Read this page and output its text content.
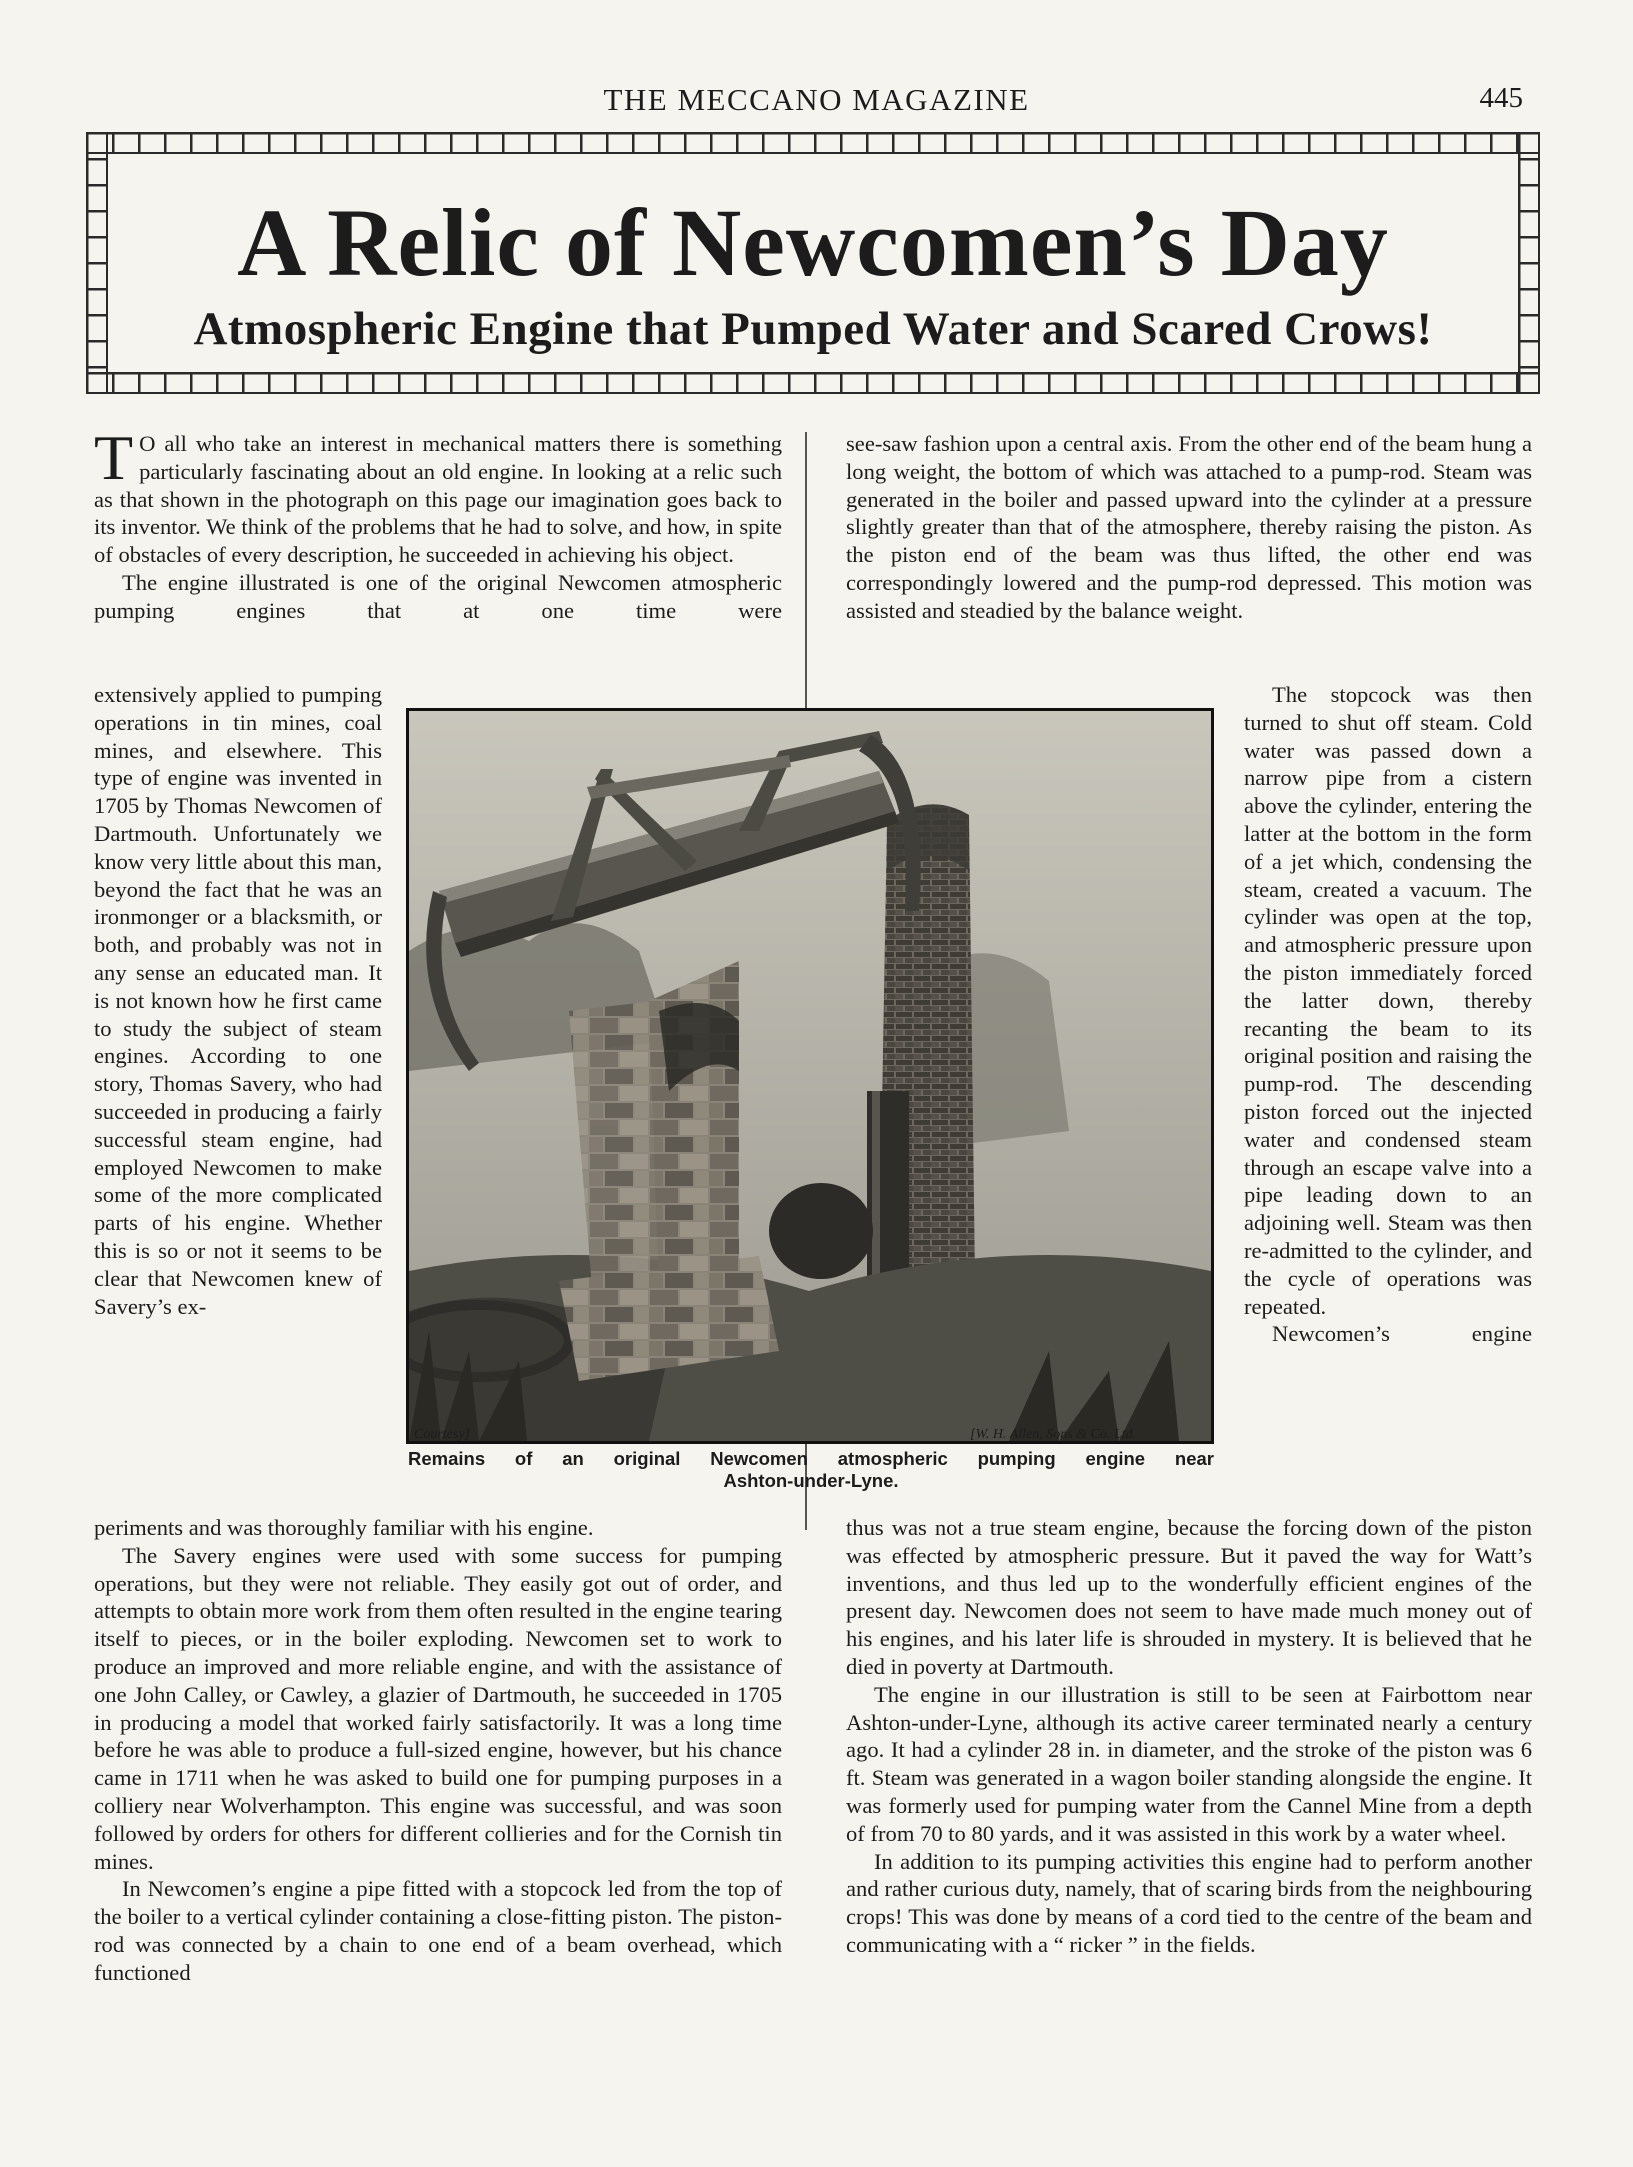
THE MECCANO MAGAZINE	445
A Relic of Newcomen’s Day
Atmospheric Engine that Pumped Water and Scared Crows!

T O all who take an interest in mechanical matters there is something particularly fascinating about an old engine. In looking at a relic such as that shown in the photograph on this page our imagination goes back to its inventor. We think of the problems that he had to solve, and how, in spite of obstacles of every description, he succeeded in achieving his object.

The engine illustrated is one of the original Newcomen atmospheric pumping engines that at one time were

extensively applied to pumping operations in tin mines, coal mines, and elsewhere. This type of engine was invented in 1705 by Thomas Newcomen of Dartmouth. Unfortunately we know very little about this man, beyond the fact that he was an ironmonger or a blacksmith, or both, and probably was not in any sense an educated man. It is not known how he first came to study the subject of steam engines. According to one story, Thomas Savery, who had succeeded in producing a fairly successful steam engine, had employed Newcomen to make some of the more complicated parts of his engine. Whether this is so or not it seems to be clear that Newcomen knew of Savery’s ex-

periments and was thoroughly familiar with his engine.

The Savery engines were used with some success for pumping operations, but they were not reliable. They easily got out of order, and attempts to obtain more work from them often resulted in the engine tearing itself to pieces, or in the boiler exploding. Newcomen set to work to produce an improved and more reliable engine, and with the assistance of one John Calley, or Cawley, a glazier of Dartmouth, he succeeded in 1705 in producing a model that worked fairly satisfactorily. It was a long time before he was able to produce a full-sized engine, however, but his chance came in 1711 when he was asked to build one for pumping purposes in a colliery near Wolverhampton. This engine was successful, and was soon followed by orders for others for different collieries and for the Cornish tin mines.

In Newcomen’s engine a pipe fitted with a stopcock led from the top of the boiler to a vertical cylinder containing a close-fitting piston. The piston-rod was connected by a chain to one end of a beam overhead, which functioned

see-saw fashion upon a central axis. From the other end of the beam hung a long weight, the bottom of which was attached to a pump-rod. Steam was generated in the boiler and passed upward into the cylinder at a pressure slightly greater than that of the atmosphere, thereby raising the piston. As the piston end of the beam was thus lifted, the other end was correspondingly lowered and the pump-rod depressed. This motion was assisted and steadied by the balance weight.

The stopcock was then turned to shut off steam. Cold water was passed down a narrow pipe from a cistern above the cylinder, entering the latter at the bottom in the form of a jet which, condensing the steam, created a vacuum. The cylinder was open at the top, and atmospheric pressure upon the piston immediately forced the latter down, thereby recanting the beam to its original position and raising the pump-rod. The descending piston forced out the injected water and condensed steam through an escape valve into a pipe leading down to an adjoining well. Steam was then re-admitted to the cylinder, and the cycle of operations was repeated.

Newcomen’s engine

thus was not a true steam engine, because the forcing down of the piston was effected by atmospheric pressure. But it paved the way for Watt’s inventions, and thus led up to the wonderfully efficient engines of the present day. Newcomen does not seem to have made much money out of his engines, and his later life is shrouded in mystery. It is believed that he died in poverty at Dartmouth.

The engine in our illustration is still to be seen at Fairbottom near Ashton-under-Lyne, although its active career terminated nearly a century ago. It had a cylinder 28 in. in diameter, and the stroke of the piston was 6 ft. Steam was generated in a wagon boiler standing alongside the engine. It was formerly used for pumping water from the Cannel Mine from a depth of from 70 to 80 yards, and it was assisted in this work by a water wheel.

In addition to its pumping activities this engine had to perform another and rather curious duty, namely, that of scaring birds from the neighbouring crops! This was done by means of a cord tied to the centre of the beam and communicating with a “ ricker ” in the fields.

Courtesy]	[W. H. Allen, Sons & Co. Ltd.

Remains of an original Newcomen atmospheric pumping engine near
Ashton-under-Lyne.
